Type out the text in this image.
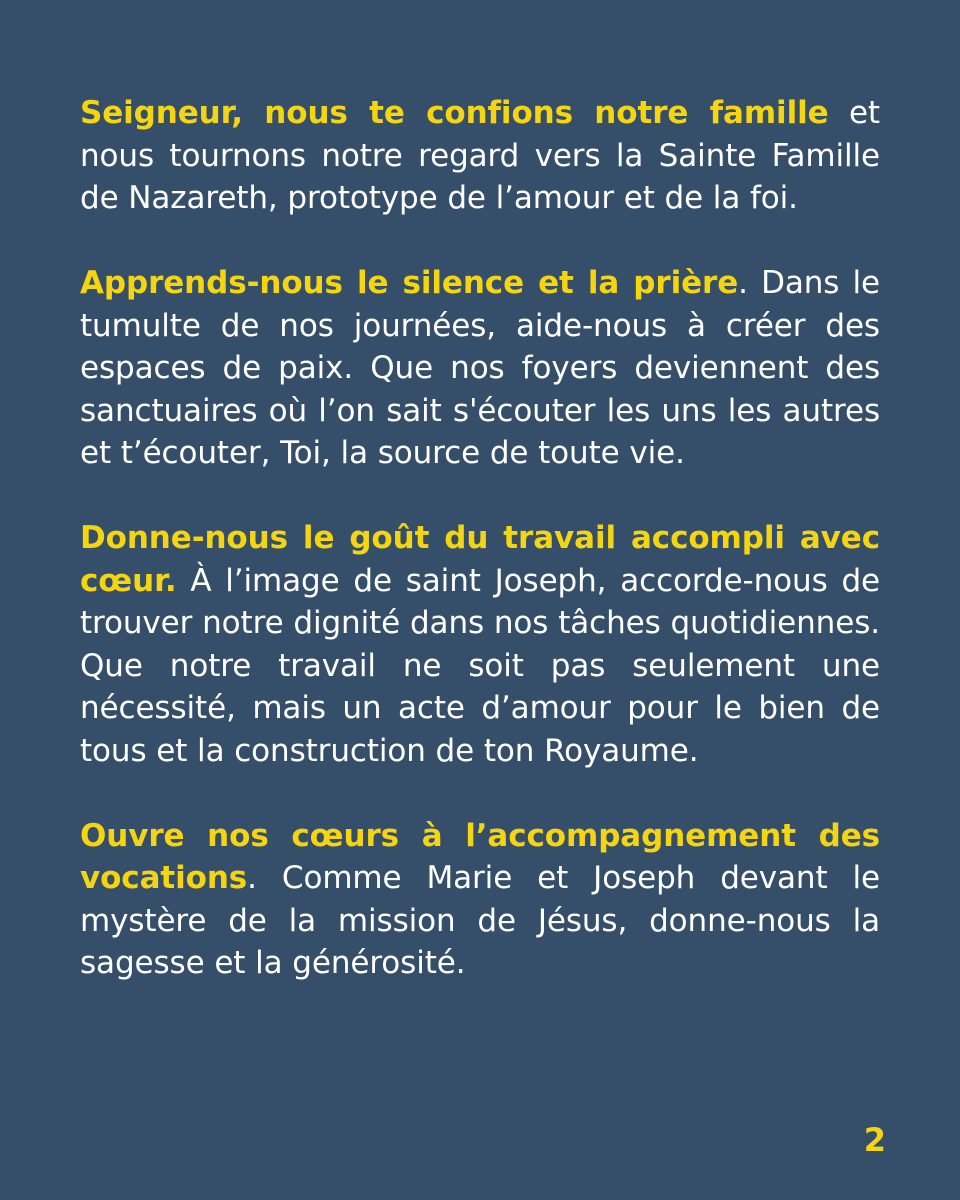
Seigneur, nous te confions notre famille et nous tournons notre regard vers la Sainte Famille de Nazareth, prototype de l’amour et de la foi.

Apprends-nous le silence et la prière. Dans le tumulte de nos journées, aide-nous à créer des espaces de paix. Que nos foyers deviennent des sanctuaires où l’on sait s'écouter les uns les autres et t’écouter, Toi, la source de toute vie.

Donne-nous le goût du travail accompli avec cœur. À l’image de saint Joseph, accorde-nous de trouver notre dignité dans nos tâches quotidiennes. Que notre travail ne soit pas seulement une nécessité, mais un acte d’amour pour le bien de tous et la construction de ton Royaume.

Ouvre nos cœurs à l’accompagnement des vocations. Comme Marie et Joseph devant le mystère de la mission de Jésus, donne-nous la sagesse et la générosité.

2
